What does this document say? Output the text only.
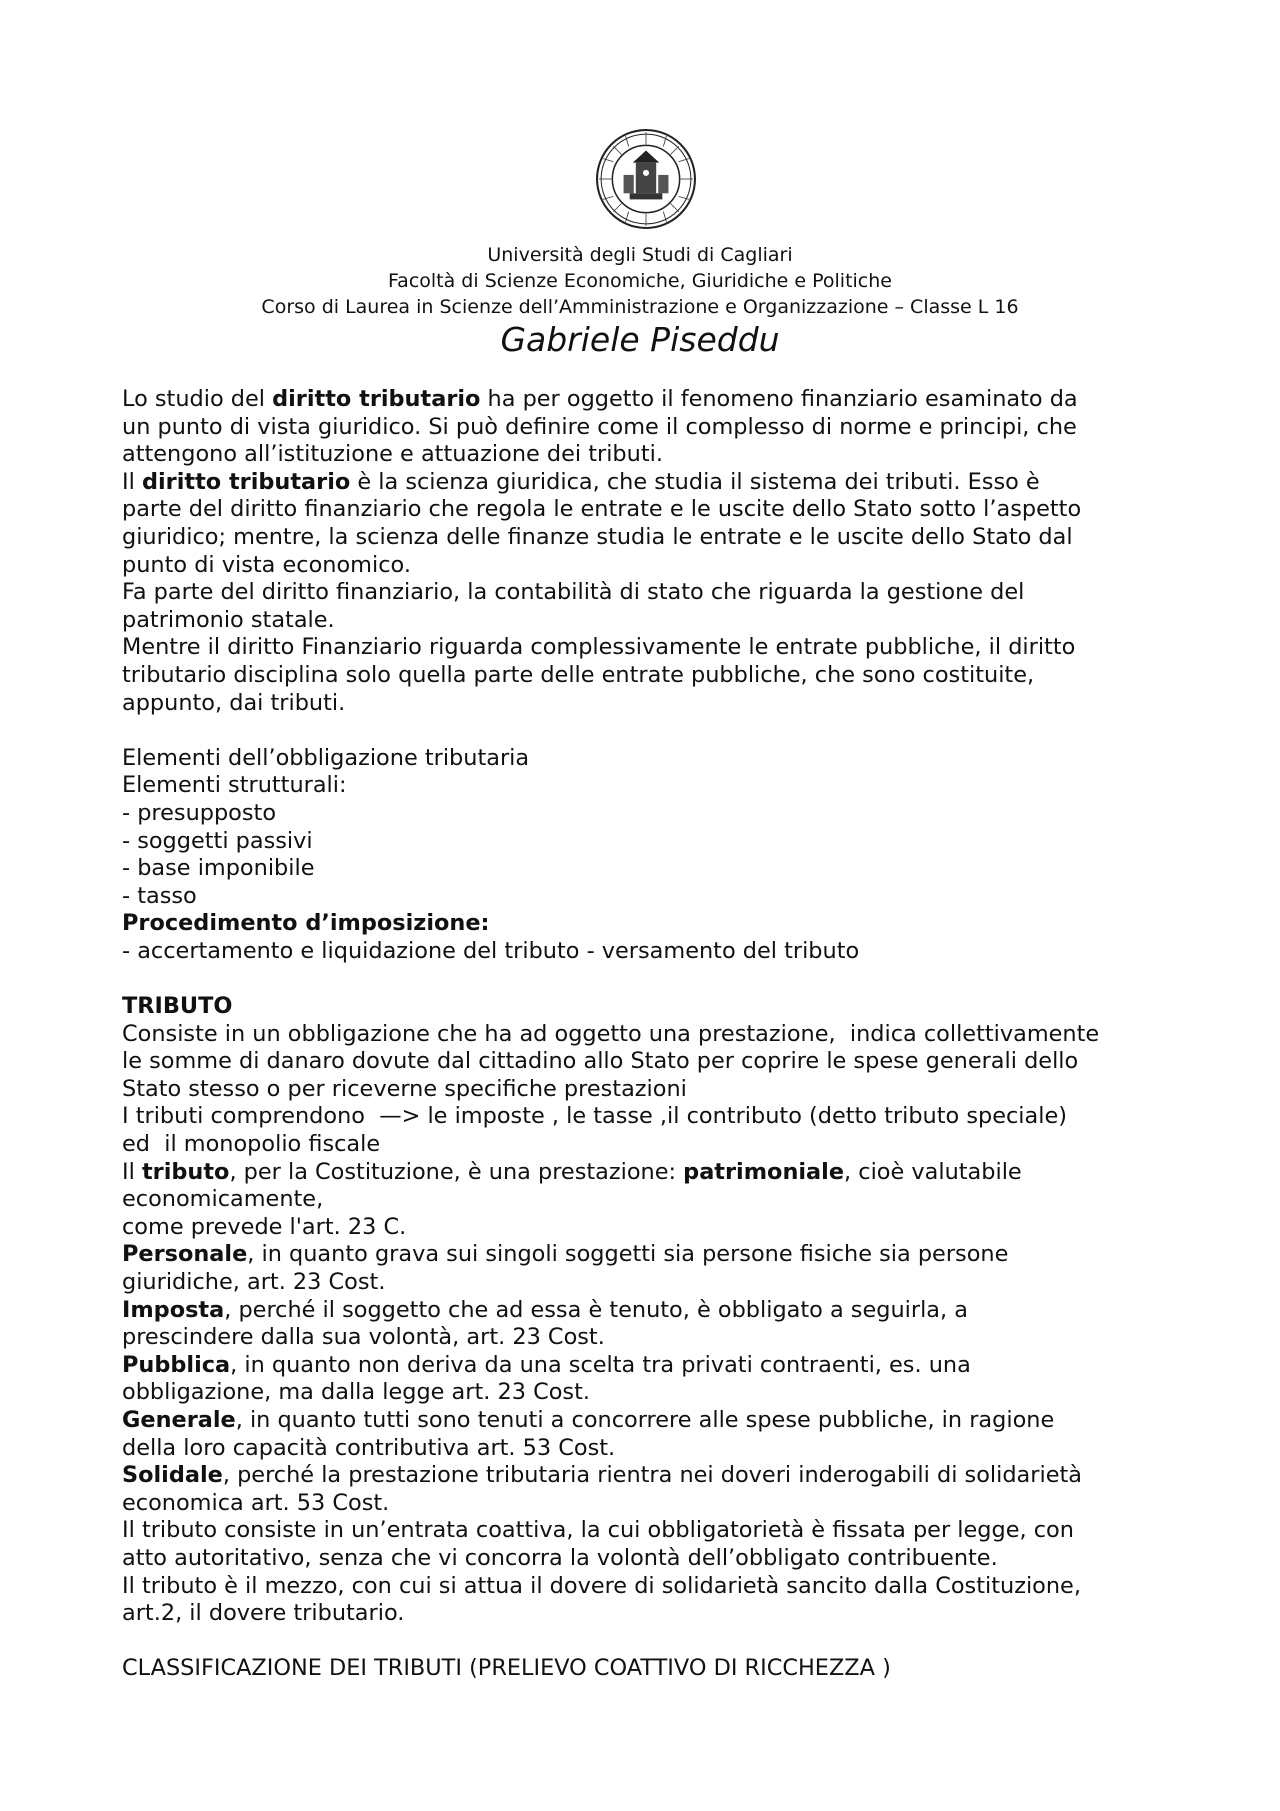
Università degli Studi di Cagliari
Facoltà di Scienze Economiche, Giuridiche e Politiche
Corso di Laurea in Scienze dell’Amministrazione e Organizzazione – Classe L 16
Gabriele Piseddu

Lo studio del diritto tributario ha per oggetto il fenomeno finanziario esaminato da

un punto di vista giuridico. Si può definire come il complesso di norme e principi, che

attengono all’istituzione e attuazione dei tributi.

Il diritto tributario è la scienza giuridica, che studia il sistema dei tributi. Esso è

parte del diritto finanziario che regola le entrate e le uscite dello Stato sotto l’aspetto

giuridico; mentre, la scienza delle finanze studia le entrate e le uscite dello Stato dal

punto di vista economico.

Fa parte del diritto finanziario, la contabilità di stato che riguarda la gestione del

patrimonio statale.

Mentre il diritto Finanziario riguarda complessivamente le entrate pubbliche, il diritto

tributario disciplina solo quella parte delle entrate pubbliche, che sono costituite,

appunto, dai tributi.

Elementi dell’obbligazione tributaria

Elementi strutturali:

- presupposto

- soggetti passivi

- base imponibile

- tasso

Procedimento d’imposizione:

- accertamento e liquidazione del tributo - versamento del tributo

TRIBUTO

Consiste in un obbligazione che ha ad oggetto una prestazione,  indica collettivamente

le somme di danaro dovute dal cittadino allo Stato per coprire le spese generali dello

Stato stesso o per riceverne specifiche prestazioni

I tributi comprendono  —> le imposte , le tasse ,il contributo (detto tributo speciale)

ed  il monopolio fiscale

Il tributo, per la Costituzione, è una prestazione: patrimoniale, cioè valutabile

economicamente,

come prevede l'art. 23 C.

Personale, in quanto grava sui singoli soggetti sia persone fisiche sia persone

giuridiche, art. 23 Cost.

Imposta, perché il soggetto che ad essa è tenuto, è obbligato a seguirla, a

prescindere dalla sua volontà, art. 23 Cost.

Pubblica, in quanto non deriva da una scelta tra privati contraenti, es. una

obbligazione, ma dalla legge art. 23 Cost.

Generale, in quanto tutti sono tenuti a concorrere alle spese pubbliche, in ragione

della loro capacità contributiva art. 53 Cost.

Solidale, perché la prestazione tributaria rientra nei doveri inderogabili di solidarietà

economica art. 53 Cost.

Il tributo consiste in un’entrata coattiva, la cui obbligatorietà è fissata per legge, con

atto autoritativo, senza che vi concorra la volontà dell’obbligato contribuente.

Il tributo è il mezzo, con cui si attua il dovere di solidarietà sancito dalla Costituzione,

art.2, il dovere tributario.

CLASSIFICAZIONE DEI TRIBUTI (PRELIEVO COATTIVO DI RICCHEZZA )
